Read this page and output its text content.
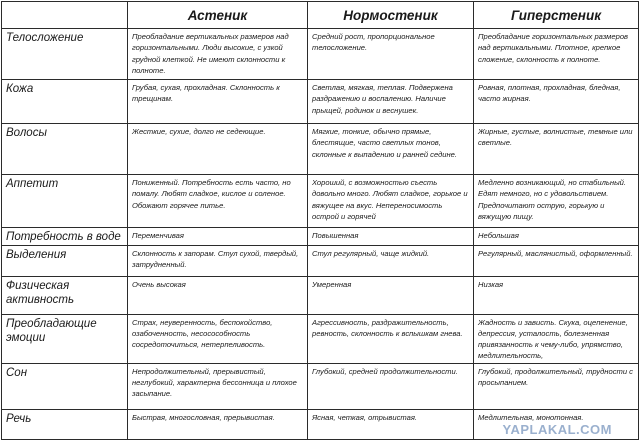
	Астеник	Нормостеник	Гиперстеник
Телосложение	Преобладание вертикальных размеров над горизонтальными. Люди высокие, с узкой грудной клеткой. Не имеют склонности к полноте.	Средний рост, пропорциональное телосложение.	Преобладание горизонтальных размеров над вертикальными. Плотное, крепкое сложение, склонность к полноте.
Кожа	Грубая, сухая, прохладная. Склонность к трещинам.	Светлая, мягкая, теплая. Подвержена раздражению и воспалению. Наличие прыщей, родинок и веснушек.	Ровная, плотная, прохладная, бледная, часто жирная.
Волосы	Жесткие, сухие, долго не седеющие.	Мягкие, тонкие, обычно прямые, блестящие, часто светлых тонов, склонные к выпадению и ранней седине.	Жирные, густые, волнистые, темные или светлые.
Аппетит	Пониженный. Потребность есть часто, но помалу. Любят сладкое, кислое и соленое. Обожают горячее питье.	Хороший, с возможностью съесть довольно много. Любят сладкое, горькое и вяжущее на вкус. Непереносимость острой и горячей	Медленно возникающий, но стабильный. Едят немного, но с удовольствием. Предпочитают острую, горькую и вяжущую пищу.
Потребность в воде	Переменчивая	Повышенная	Небольшая
Выделения	Склонность к запорам. Стул сухой, твердый, затрудненный.	Стул регулярный, чаще жидкий.	Регулярный, маслянистый, оформленный.
Физическая активность	Очень высокая	Умеренная	Низкая
Преобладающие эмоции	Страх, неуверенность, беспокойство, озабоченность, несосособность сосредоточиться, нетерпеливость.	Агрессивность, раздражительность, ревность, склонность к вспышкам гнева.	Жадность и зависть. Скука, оцепенение, депрессия, усталость, болезненная привязанность к чему-либо, упрямство, медлительность,
Сон	Непродолжительный, прерывистый, неглубокий, характерна бессонница и плохое засыпание.	Глубокий, средней продолжительности.	Глубокий, продолжительный, трудности с просыпанием.
Речь	Быстрая, многословная, прерывистая.	Ясная, четкая, отрывистая.	Медлительная, монотонная.
YAPLAKAL.COM
